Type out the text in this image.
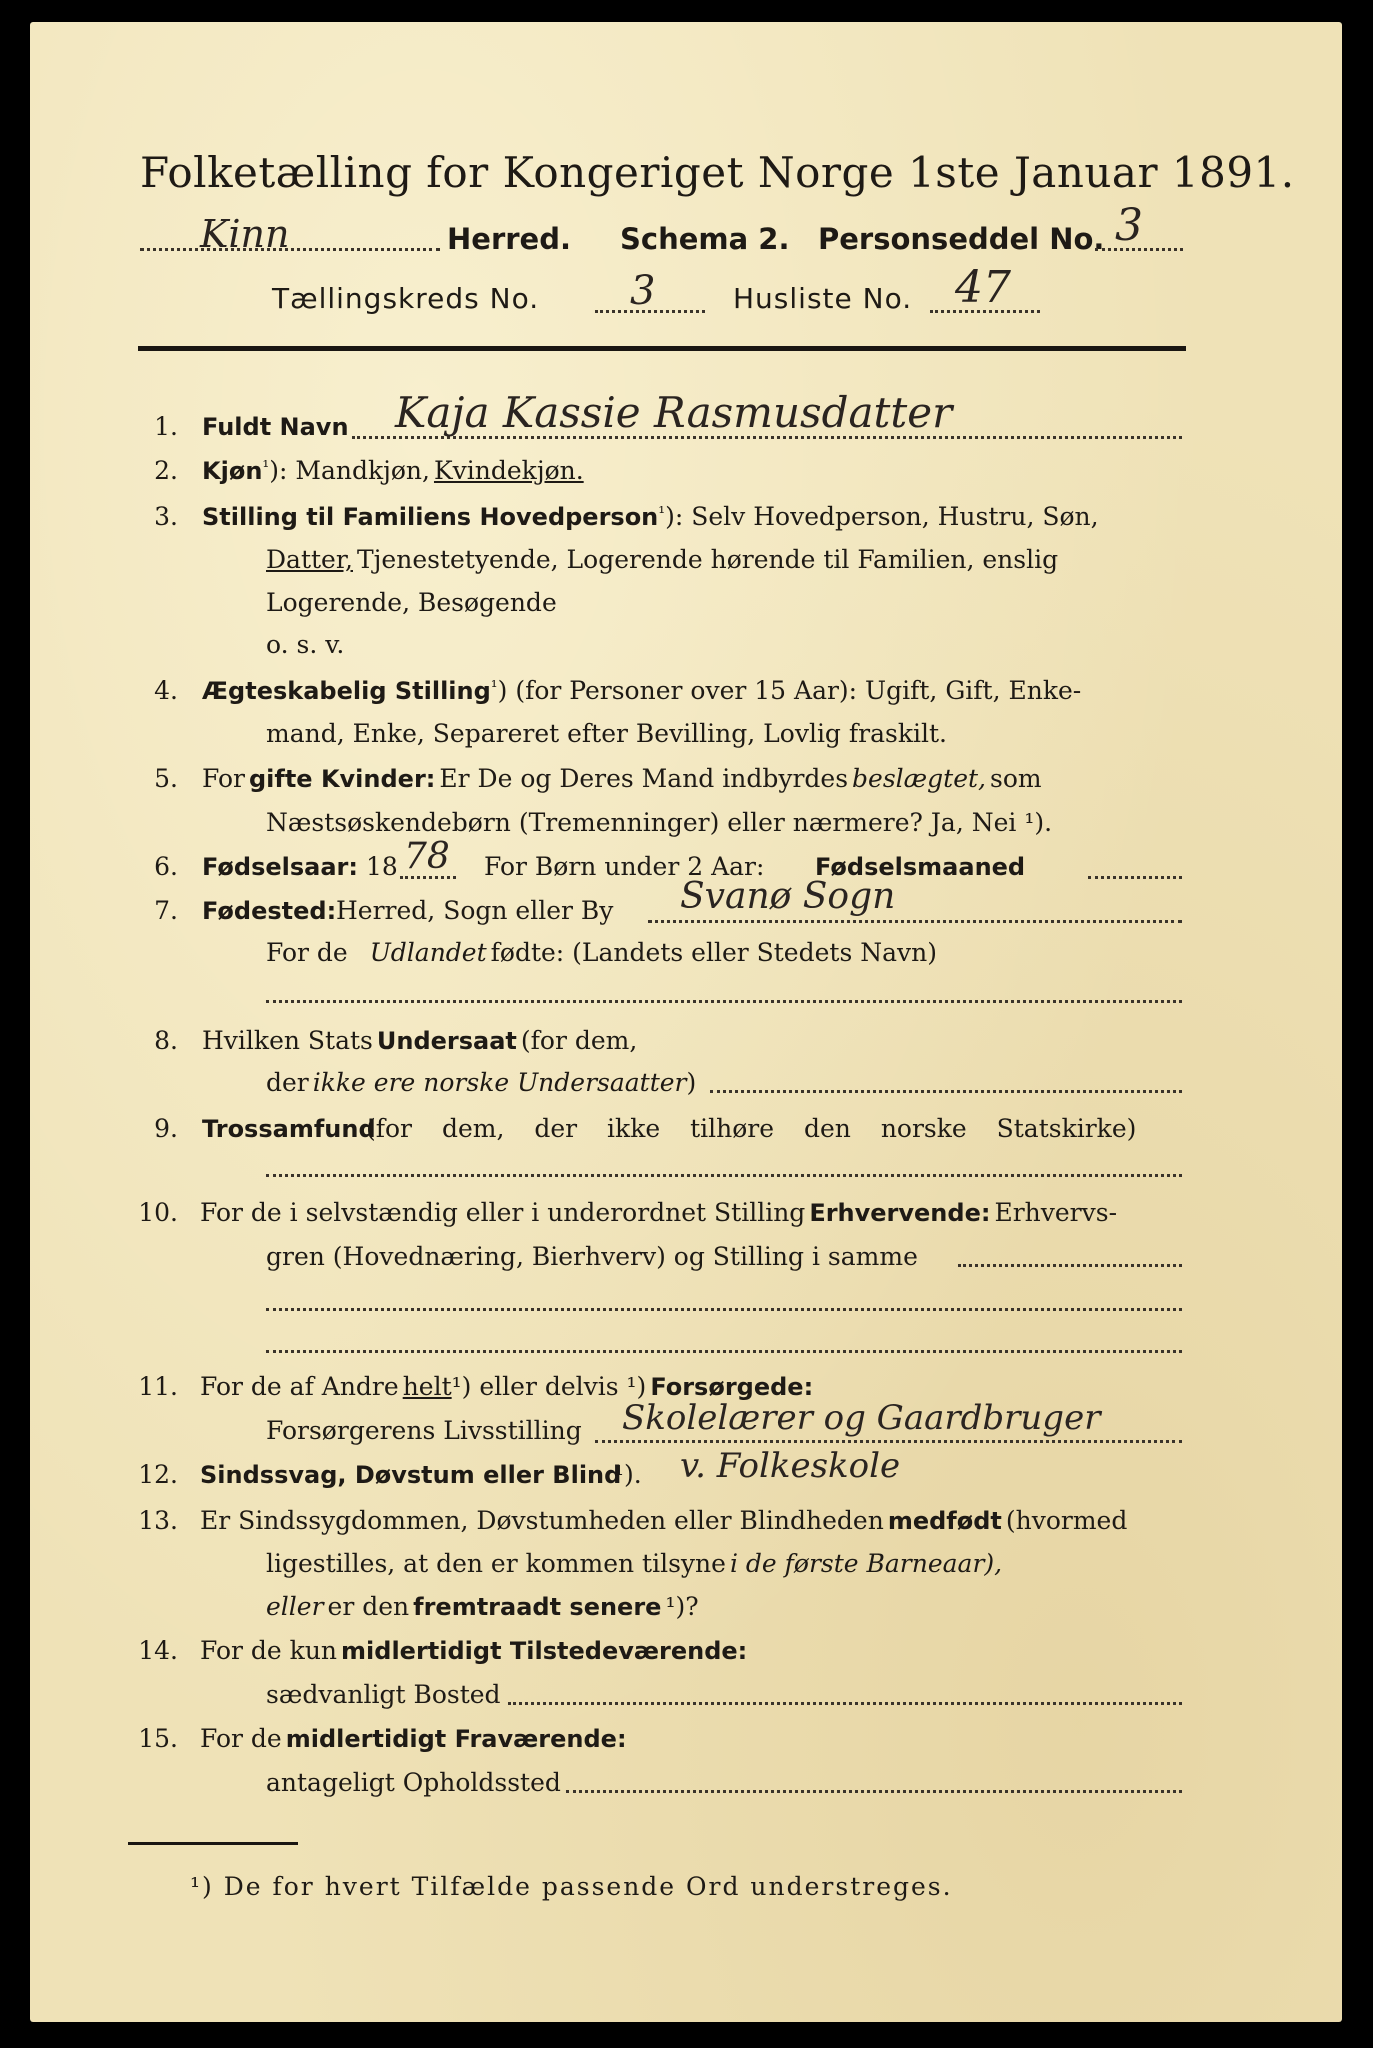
Folketælling for Kongeriget Norge 1ste Januar 1891.
Kinn	Herred. Schema 2. Personseddel No. 3
Tællingskreds No. 3	Husliste No. 47
1. Fuldt Navn Kaja Kassie Rasmusdatter
2. Kjøn¹): Mandkjøn, Kvindekjøn.
3. Stilling til Familiens Hovedperson¹): Selv Hovedperson, Hustru, Søn,
Datter, Tjenestetyende, Logerende hørende til Familien, enslig
Logerende, Besøgende
o. s. v.
4. Ægteskabelig Stilling¹) (for Personer over 15 Aar): Ugift, Gift, Enke-
mand, Enke, Separeret efter Bevilling, Lovlig fraskilt.
5. For gifte Kvinder: Er De og Deres Mand indbyrdes beslægtet, som
Næstsøskendebørn (Tremenninger) eller nærmere? Ja, Nei ¹).
6. Fødselsaar: 18 78 For Børn under 2 Aar: Fødselsmaaned
7. Fødested: Herred, Sogn eller By Svanø Sogn
For de Udlandet fødte: (Landets eller Stedets Navn)
8. Hvilken Stats Undersaat (for dem,
der ikke ere norske Undersaatter)
9. Trossamfund
(for dem, der ikke tilhøre den norske Statskirke)
10. For de i selvstændig eller i underordnet Stilling Erhvervende: Erhvervs-
gren (Hovednæring, Bierhverv) og Stilling i samme
11. For de af Andre helt¹) eller delvis ¹) Forsørgede:
Forsørgerens Livsstilling Skolelærer og Gaardbruger
12. Sindssvag, Døvstum eller Blind
¹). v. Folkeskole
13. Er Sindssygdommen, Døvstumheden eller Blindheden medfødt (hvormed
ligestilles, at den er kommen tilsyne i de første Barneaar),
eller er den fremtraadt senere ¹)?
14. For de kun midlertidigt Tilstedeværende:
sædvanligt Bosted
15. For de midlertidigt Fraværende:
antageligt Opholdssted
¹) De for hvert Tilfælde passende Ord understreges.
